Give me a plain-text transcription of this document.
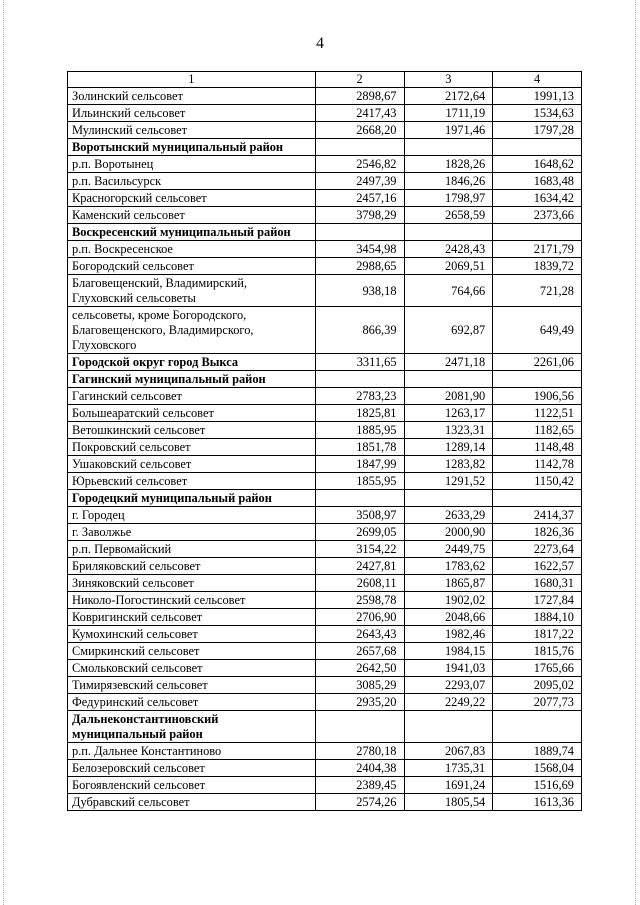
4
1	2	3	4
Золинский сельсовет	2898,67	2172,64	1991,13
Ильинский сельсовет	2417,43	1711,19	1534,63
Мулинский сельсовет	2668,20	1971,46	1797,28
Воротынский муниципальный район			
р.п. Воротынец	2546,82	1828,26	1648,62
р.п. Васильсурск	2497,39	1846,26	1683,48
Красногорский сельсовет	2457,16	1798,97	1634,42
Каменский сельсовет	3798,29	2658,59	2373,66
Воскресенский муниципальный район			
р.п. Воскресенское	3454,98	2428,43	2171,79
Богородский сельсовет	2988,65	2069,51	1839,72
Благовещенский, Владимирский, Глуховский сельсоветы	938,18	764,66	721,28
сельсоветы, кроме Богородского, Благовещенского, Владимирского, Глуховского	866,39	692,87	649,49
Городской округ город Выкса	3311,65	2471,18	2261,06
Гагинский муниципальный район			
Гагинский сельсовет	2783,23	2081,90	1906,56
Большеаратский сельсовет	1825,81	1263,17	1122,51
Ветошкинский сельсовет	1885,95	1323,31	1182,65
Покровский сельсовет	1851,78	1289,14	1148,48
Ушаковский сельсовет	1847,99	1283,82	1142,78
Юрьевский сельсовет	1855,95	1291,52	1150,42
Городецкий муниципальный район			
г. Городец	3508,97	2633,29	2414,37
г. Заволжье	2699,05	2000,90	1826,36
р.п. Первомайский	3154,22	2449,75	2273,64
Бриляковский сельсовет	2427,81	1783,62	1622,57
Зиняковский сельсовет	2608,11	1865,87	1680,31
Николо-Погостинский сельсовет	2598,78	1902,02	1727,84
Ковригинский сельсовет	2706,90	2048,66	1884,10
Кумохинский сельсовет	2643,43	1982,46	1817,22
Смиркинский сельсовет	2657,68	1984,15	1815,76
Смольковский сельсовет	2642,50	1941,03	1765,66
Тимирязевский сельсовет	3085,29	2293,07	2095,02
Федуринский сельсовет	2935,20	2249,22	2077,73
Дальнеконстантиновский муниципальный район			
р.п. Дальнее Константиново	2780,18	2067,83	1889,74
Белозеровский сельсовет	2404,38	1735,31	1568,04
Богоявленский сельсовет	2389,45	1691,24	1516,69
Дубравский сельсовет	2574,26	1805,54	1613,36
